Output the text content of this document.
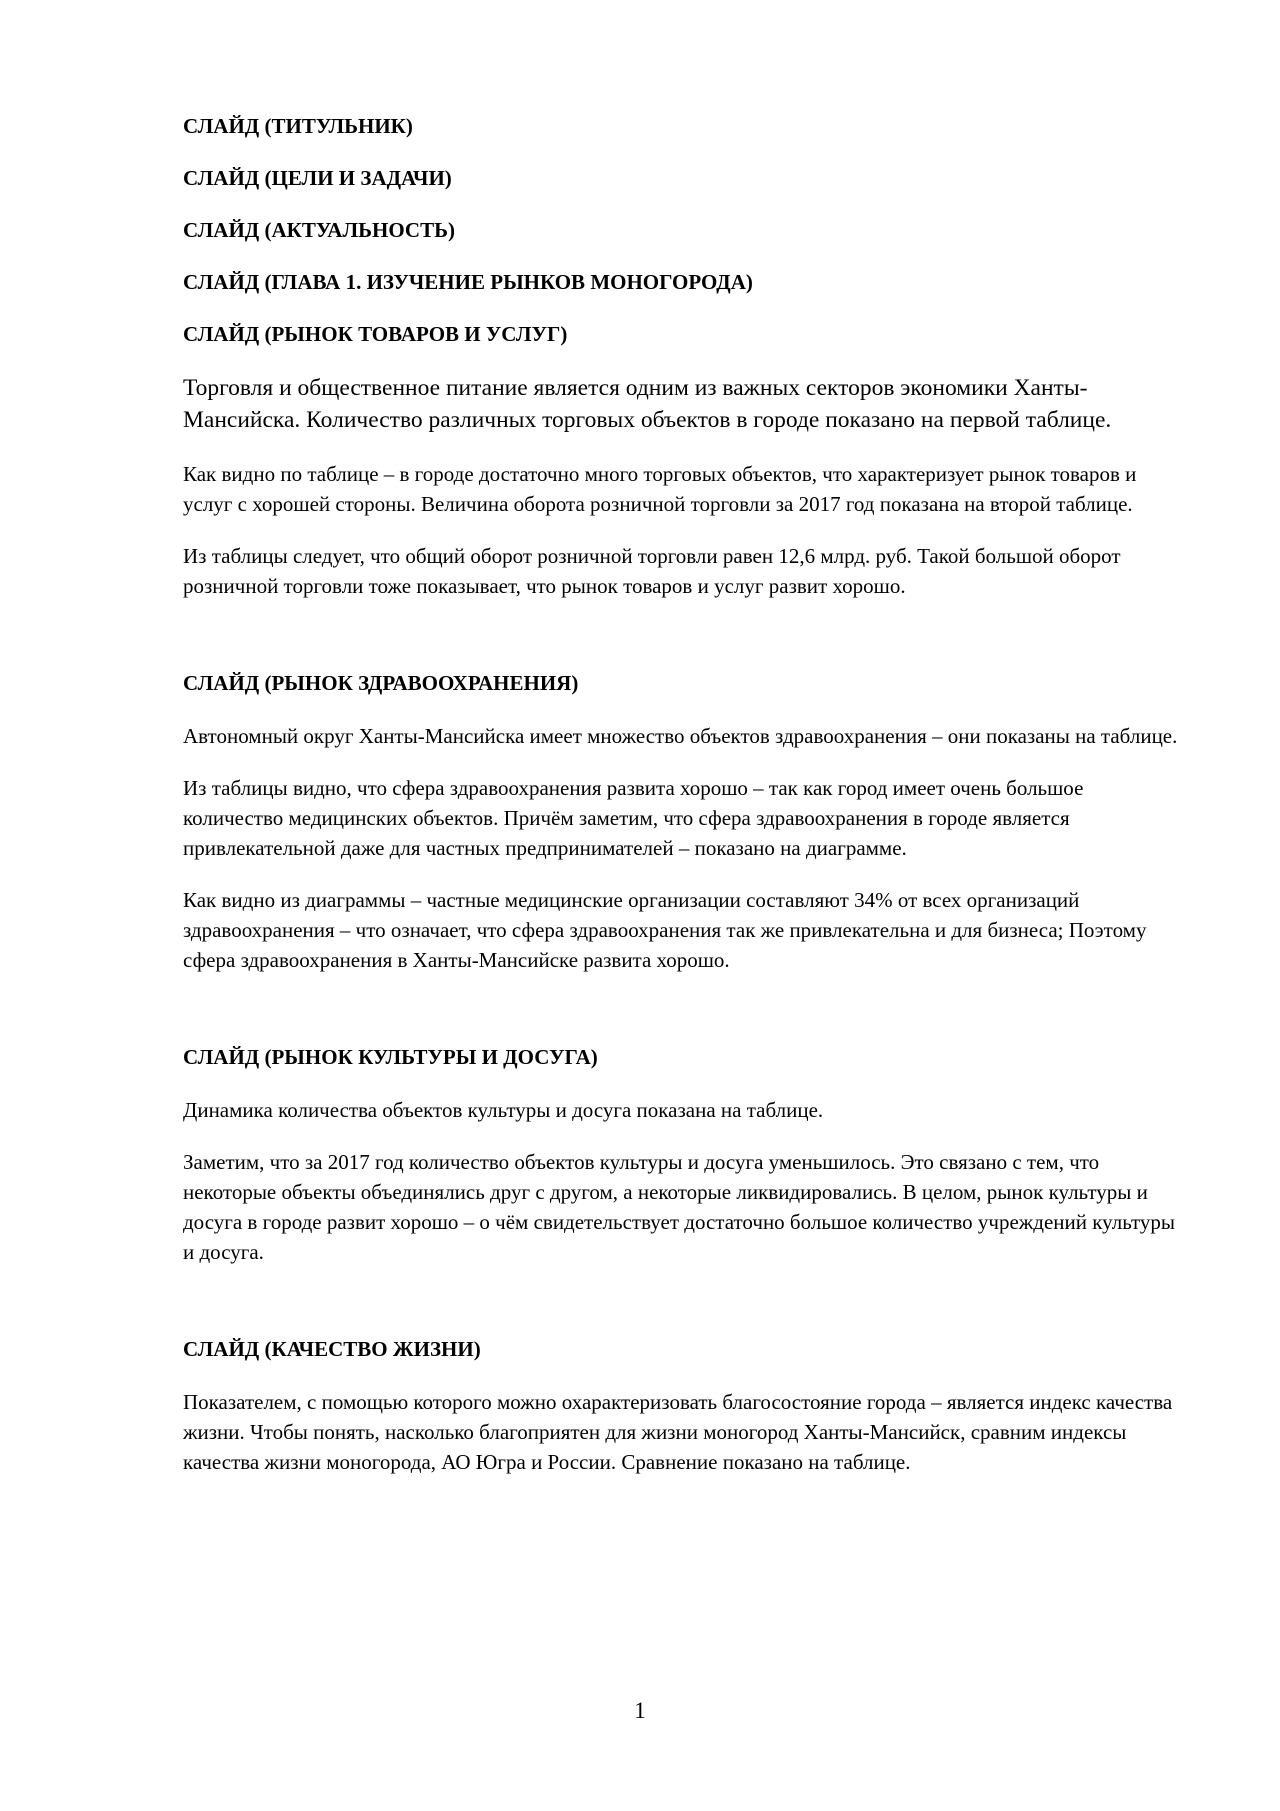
СЛАЙД (ТИТУЛЬНИК)

СЛАЙД (ЦЕЛИ И ЗАДАЧИ)

СЛАЙД (АКТУАЛЬНОСТЬ)

СЛАЙД (ГЛАВА 1. ИЗУЧЕНИЕ РЫНКОВ МОНОГОРОДА)

СЛАЙД (РЫНОК ТОВАРОВ И УСЛУГ)

Торговля и общественное питание является одним из важных секторов экономики Ханты-Мансийска. Количество различных торговых объектов в городе показано на первой таблице.

Как видно по таблице – в городе достаточно много торговых объектов, что характеризует рынок товаров и услуг с хорошей стороны. Величина оборота розничной торговли за 2017 год показана на второй таблице.

Из таблицы следует, что общий оборот розничной торговли равен 12,6 млрд. руб. Такой большой оборот розничной торговли тоже показывает, что рынок товаров и услуг развит хорошо.

СЛАЙД (РЫНОК ЗДРАВООХРАНЕНИЯ)

Автономный округ Ханты-Мансийска имеет множество объектов здравоохранения – они показаны на таблице.

Из таблицы видно, что сфера здравоохранения развита хорошо – так как город имеет очень большое количество медицинских объектов. Причём заметим, что сфера здравоохранения в городе является привлекательной даже для частных предпринимателей – показано на диаграмме.

Как видно из диаграммы – частные медицинские организации составляют 34% от всех организаций здравоохранения – что означает, что сфера здравоохранения так же привлекательна и для бизнеса; Поэтому сфера здравоохранения в Ханты-Мансийске развита хорошо.

СЛАЙД (РЫНОК КУЛЬТУРЫ И ДОСУГА)

Динамика количества объектов культуры и досуга показана на таблице.

Заметим, что за 2017 год количество объектов культуры и досуга уменьшилось. Это связано с тем, что некоторые объекты объединялись друг с другом, а некоторые ликвидировались. В целом, рынок культуры и досуга в городе развит хорошо – о чём свидетельствует достаточно большое количество учреждений культуры и досуга.

СЛАЙД (КАЧЕСТВО ЖИЗНИ)

Показателем, с помощью которого можно охарактеризовать благосостояние города – является индекс качества жизни. Чтобы понять, насколько благоприятен для жизни моногород Ханты-Мансийск, сравним индексы качества жизни моногорода, АО Югра и России. Сравнение показано на таблице.

1
